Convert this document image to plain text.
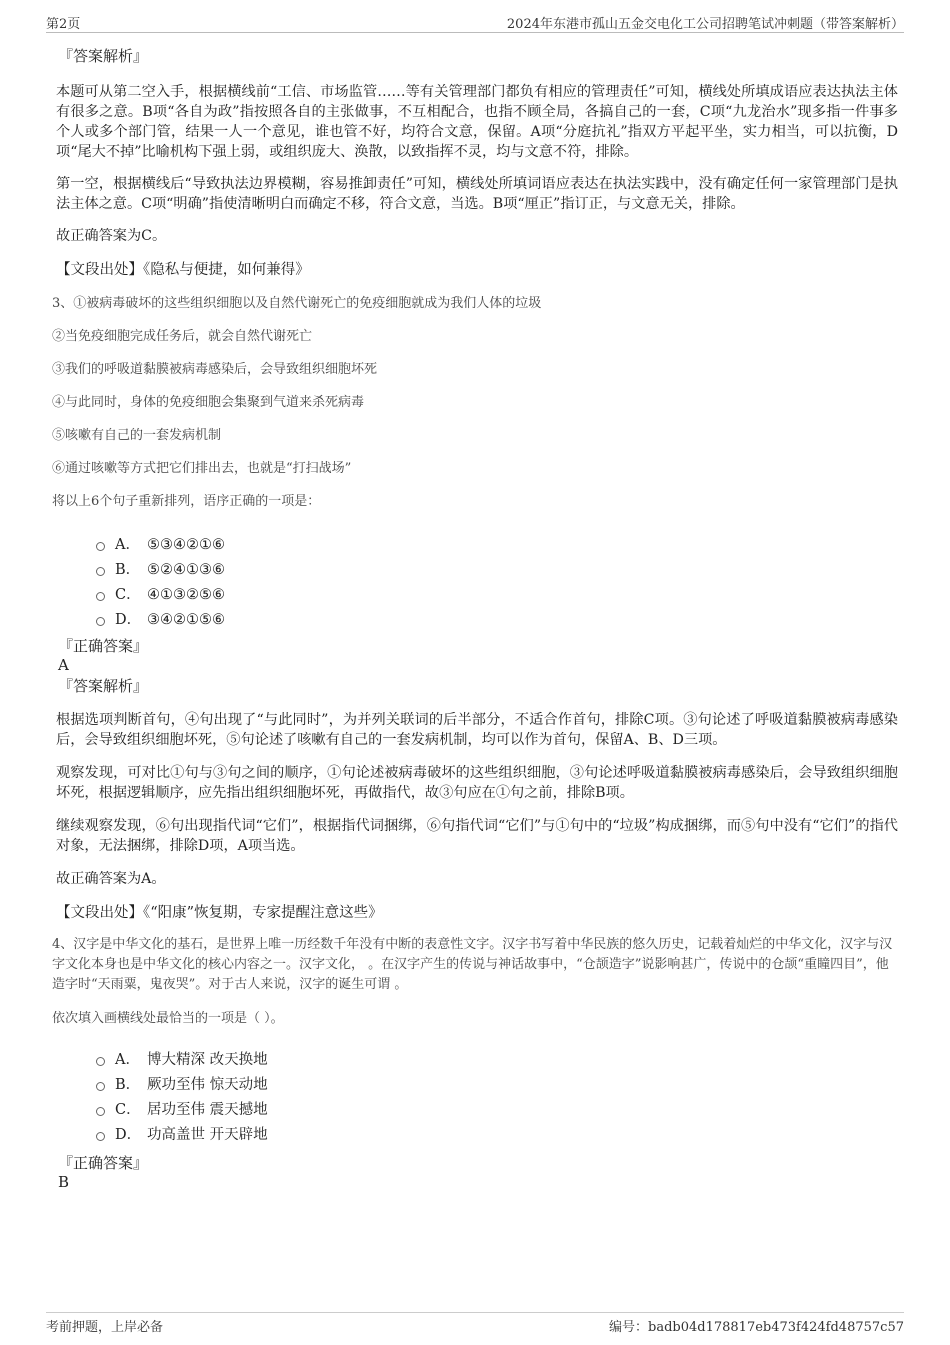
第2页	2024年东港市孤山五金交电化工公司招聘笔试冲刺题（带答案解析）
『答案解析』

本题可从第二空入手，根据横线前“工信、市场监管……等有关管理部门都负有相应的管理责任”可知，横线处所填成语应表达执法主体有很多之意。B项“各自为政”指按照各自的主张做事，不互相配合，也指不顾全局，各搞自己的一套，C项“九龙治水”现多指一件事多个人或多个部门管，结果一人一个意见，谁也管不好，均符合文意，保留。A项“分庭抗礼”指双方平起平坐，实力相当，可以抗衡，D项“尾大不掉”比喻机构下强上弱，或组织庞大、涣散，以致指挥不灵，均与文意不符，排除。

第一空，根据横线后“导致执法边界模糊，容易推卸责任”可知，横线处所填词语应表达在执法实践中，没有确定任何一家管理部门是执法主体之意。C项“明确”指使清晰明白而确定不移，符合文意，当选。B项“厘正”指订正，与文意无关，排除。

故正确答案为C。

【文段出处】《隐私与便捷，如何兼得》

3、①被病毒破坏的这些组织细胞以及自然代谢死亡的免疫细胞就成为我们人体的垃圾

②当免疫细胞完成任务后，就会自然代谢死亡

③我们的呼吸道黏膜被病毒感染后，会导致组织细胞坏死

④与此同时，身体的免疫细胞会集聚到气道来杀死病毒

⑤咳嗽有自己的一套发病机制

⑥通过咳嗽等方式把它们排出去，也就是“打扫战场”

将以上6个句子重新排列，语序正确的一项是：

A． ⑤③④②①⑥
B． ⑤②④①③⑥
C． ④①③②⑤⑥
D． ③④②①⑤⑥
『正确答案』
A
『答案解析』

根据选项判断首句，④句出现了“与此同时”，为并列关联词的后半部分，不适合作首句，排除C项。③句论述了呼吸道黏膜被病毒感染后，会导致组织细胞坏死，⑤句论述了咳嗽有自己的一套发病机制，均可以作为首句，保留A、B、D三项。

观察发现，可对比①句与③句之间的顺序，①句论述被病毒破坏的这些组织细胞，③句论述呼吸道黏膜被病毒感染后，会导致组织细胞坏死，根据逻辑顺序，应先指出组织细胞坏死，再做指代，故③句应在①句之前，排除B项。

继续观察发现，⑥句出现指代词“它们”，根据指代词捆绑，⑥句指代词“它们”与①句中的“垃圾”构成捆绑，而⑤句中没有“它们”的指代对象，无法捆绑，排除D项，A项当选。

故正确答案为A。

【文段出处】《“阳康”恢复期，专家提醒注意这些》

4、汉字是中华文化的基石，是世界上唯一历经数千年没有中断的表意性文字。汉字书写着中华民族的悠久历史，记载着灿烂的中华文化，汉字与汉字文化本身也是中华文化的核心内容之一。汉字文化， 。在汉字产生的传说与神话故事中，“仓颉造字”说影响甚广，传说中的仓颉“重瞳四目”，他造字时“天雨粟，鬼夜哭”。对于古人来说，汉字的诞生可谓 。

依次填入画横线处最恰当的一项是（ ）。

A． 博大精深 改天换地
B． 厥功至伟 惊天动地
C． 居功至伟 震天撼地
D． 功高盖世 开天辟地
『正确答案』
B
考前押题，上岸必备	编号：badb04d178817eb473f424fd48757c57
